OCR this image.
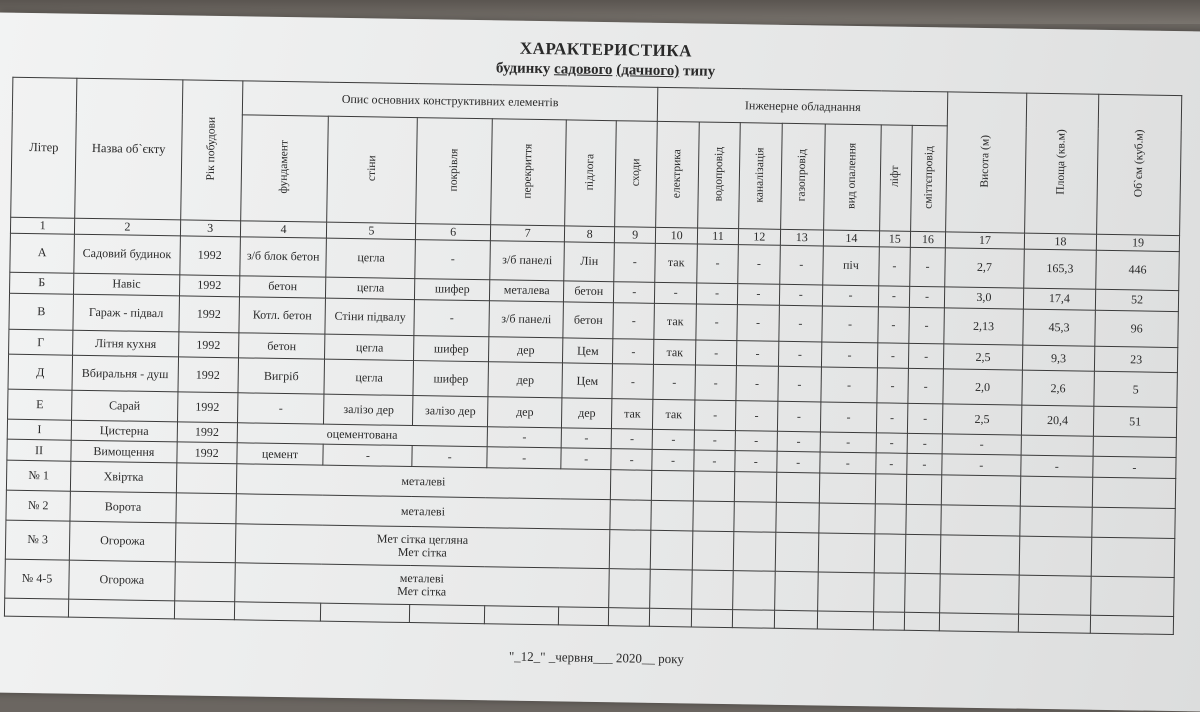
ХАРАКТЕРИСТИКА
будинку садового (дачного) типу
Літер	Назва об`єкту	Рік побудови	Опис основних конструктивних елементів						Інженерне обладнання							Висота (м)	Площа (кв.м)	Об`єм (куб.м)
			фундамент	стіни	покрівля	перекриття	підлога	сходи	електрика	водопровід	каналізація	газопровід	вид опалення	ліфт	сміттєпровід			
1	2	3	4	5	6	7	8	9	10	11	12	13	14	15	16	17	18	19
А	Садовий будинок	1992	з/б блок бетон	цегла	-	з/б панелі	Лін	-	так	-	-	-	піч	-	-	2,7	165,3	446
Б	Навіс	1992	бетон	цегла	шифер	металева	бетон	-	-	-	-	-	-	-	-	3,0	17,4	52
В	Гараж - підвал	1992	Котл. бетон	Стіни підвалу	-	з/б панелі	бетон	-	так	-	-	-	-	-	-	2,13	45,3	96
Г	Літня кухня	1992	бетон	цегла	шифер	дер	Цем	-	так	-	-	-	-	-	-	2,5	9,3	23
Д	Вбиральня - душ	1992	Вигріб	цегла	шифер	дер	Цем	-	-	-	-	-	-	-	-	2,0	2,6	5
Е	Сарай	1992	-	залізо дер	залізо дер	дер	дер	так	так	-	-	-	-	-	-	2,5	20,4	51
I	Цистерна	1992	оцементована			-	-	-	-	-	-	-	-	-	-	-		
II	Вимощення	1992	цемент	-	-	-	-	-	-	-	-	-	-	-	-	-	-	-
№ 1	Хвіртка		металеві															

№ 2	Ворота		металеві															

№ 3	Огорожа		Мет сітка цегляна
Мет сітка															

№ 4-5	Огорожа		металеві
Мет сітка															

"_12_" _червня___ 2020__ року
